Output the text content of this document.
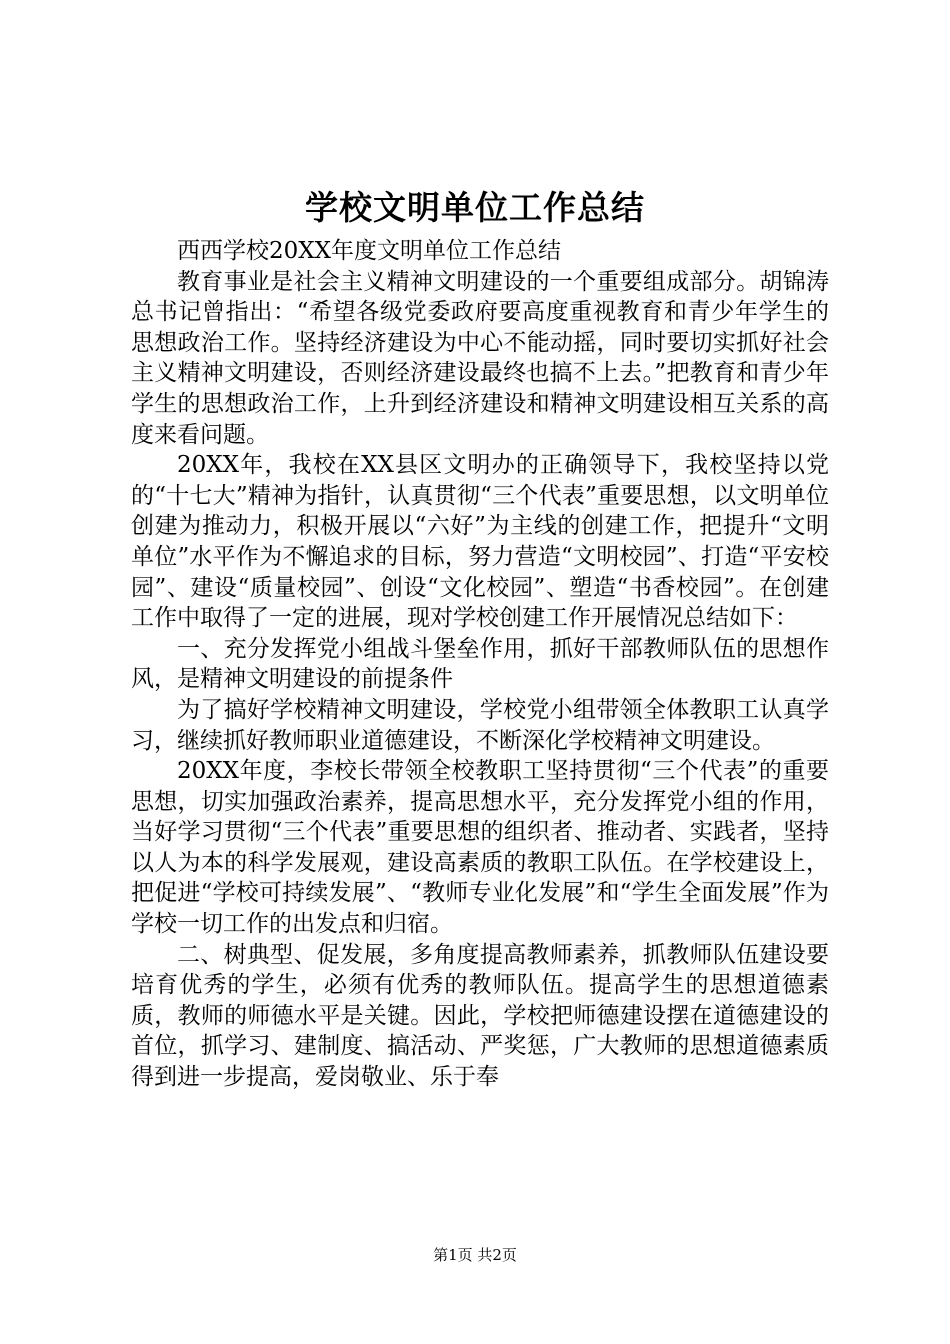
学校文明单位工作总结

西西学校20XX年度文明单位工作总结

教育事业是社会主义精神文明建设的一个重要组成部分。胡锦涛总书记曾指出：“希望各级党委政府要高度重视教育和青少年学生的思想政治工作。坚持经济建设为中心不能动摇，同时要切实抓好社会主义精神文明建设，否则经济建设最终也搞不上去。”把教育和青少年学生的思想政治工作，上升到经济建设和精神文明建设相互关系的高度来看问题。

20XX年，我校在XX县区文明办的正确领导下，我校坚持以党的“十七大”精神为指针，认真贯彻“三个代表”重要思想，以文明单位创建为推动力，积极开展以“六好”为主线的创建工作，把提升“文明单位”水平作为不懈追求的目标，努力营造“文明校园”、打造“平安校园”、建设“质量校园”、创设“文化校园”、塑造“书香校园”。在创建工作中取得了一定的进展，现对学校创建工作开展情况总结如下：

一、充分发挥党小组战斗堡垒作用，抓好干部教师队伍的思想作风，是精神文明建设的前提条件

为了搞好学校精神文明建设，学校党小组带领全体教职工认真学习，继续抓好教师职业道德建设，不断深化学校精神文明建设。

20XX年度，李校长带领全校教职工坚持贯彻“三个代表”的重要思想，切实加强政治素养，提高思想水平，充分发挥党小组的作用，当好学习贯彻“三个代表”重要思想的组织者、推动者、实践者，坚持以人为本的科学发展观，建设高素质的教职工队伍。在学校建设上，把促进“学校可持续发展”、“教师专业化发展”和“学生全面发展”作为学校一切工作的出发点和归宿。

二、树典型、促发展，多角度提高教师素养，抓教师队伍建设要培育优秀的学生，必须有优秀的教师队伍。提高学生的思想道德素质，教师的师德水平是关键。因此，学校把师德建设摆在道德建设的首位，抓学习、建制度、搞活动、严奖惩，广大教师的思想道德素质得到进一步提高，爱岗敬业、乐于奉

第1页 共2页
